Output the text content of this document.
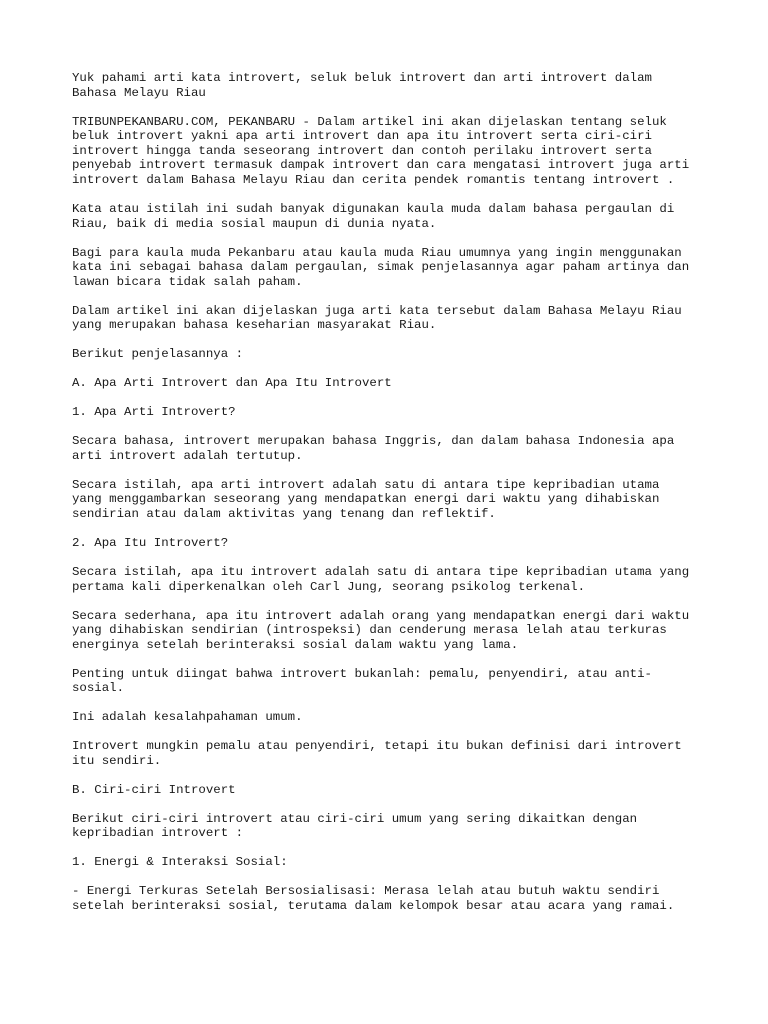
Yuk pahami arti kata introvert, seluk beluk introvert dan arti introvert dalam
Bahasa Melayu Riau

TRIBUNPEKANBARU.COM, PEKANBARU - Dalam artikel ini akan dijelaskan tentang seluk
beluk introvert yakni apa arti introvert dan apa itu introvert serta ciri-ciri
introvert hingga tanda seseorang introvert dan contoh perilaku introvert serta
penyebab introvert termasuk dampak introvert dan cara mengatasi introvert juga arti
introvert dalam Bahasa Melayu Riau dan cerita pendek romantis tentang introvert .

Kata atau istilah ini sudah banyak digunakan kaula muda dalam bahasa pergaulan di
Riau, baik di media sosial maupun di dunia nyata.

Bagi para kaula muda Pekanbaru atau kaula muda Riau umumnya yang ingin menggunakan
kata ini sebagai bahasa dalam pergaulan, simak penjelasannya agar paham artinya dan
lawan bicara tidak salah paham.

Dalam artikel ini akan dijelaskan juga arti kata tersebut dalam Bahasa Melayu Riau
yang merupakan bahasa keseharian masyarakat Riau.

Berikut penjelasannya :

A. Apa Arti Introvert dan Apa Itu Introvert

1. Apa Arti Introvert?

Secara bahasa, introvert merupakan bahasa Inggris, dan dalam bahasa Indonesia apa
arti introvert adalah tertutup.

Secara istilah, apa arti introvert adalah satu di antara tipe kepribadian utama
yang menggambarkan seseorang yang mendapatkan energi dari waktu yang dihabiskan
sendirian atau dalam aktivitas yang tenang dan reflektif.

2. Apa Itu Introvert?

Secara istilah, apa itu introvert adalah satu di antara tipe kepribadian utama yang
pertama kali diperkenalkan oleh Carl Jung, seorang psikolog terkenal.

Secara sederhana, apa itu introvert adalah orang yang mendapatkan energi dari waktu
yang dihabiskan sendirian (introspeksi) dan cenderung merasa lelah atau terkuras
energinya setelah berinteraksi sosial dalam waktu yang lama.

Penting untuk diingat bahwa introvert bukanlah: pemalu, penyendiri, atau anti-
sosial.

Ini adalah kesalahpahaman umum.

Introvert mungkin pemalu atau penyendiri, tetapi itu bukan definisi dari introvert
itu sendiri.

B. Ciri-ciri Introvert

Berikut ciri-ciri introvert atau ciri-ciri umum yang sering dikaitkan dengan
kepribadian introvert :

1. Energi & Interaksi Sosial:

- Energi Terkuras Setelah Bersosialisasi: Merasa lelah atau butuh waktu sendiri
setelah berinteraksi sosial, terutama dalam kelompok besar atau acara yang ramai.
